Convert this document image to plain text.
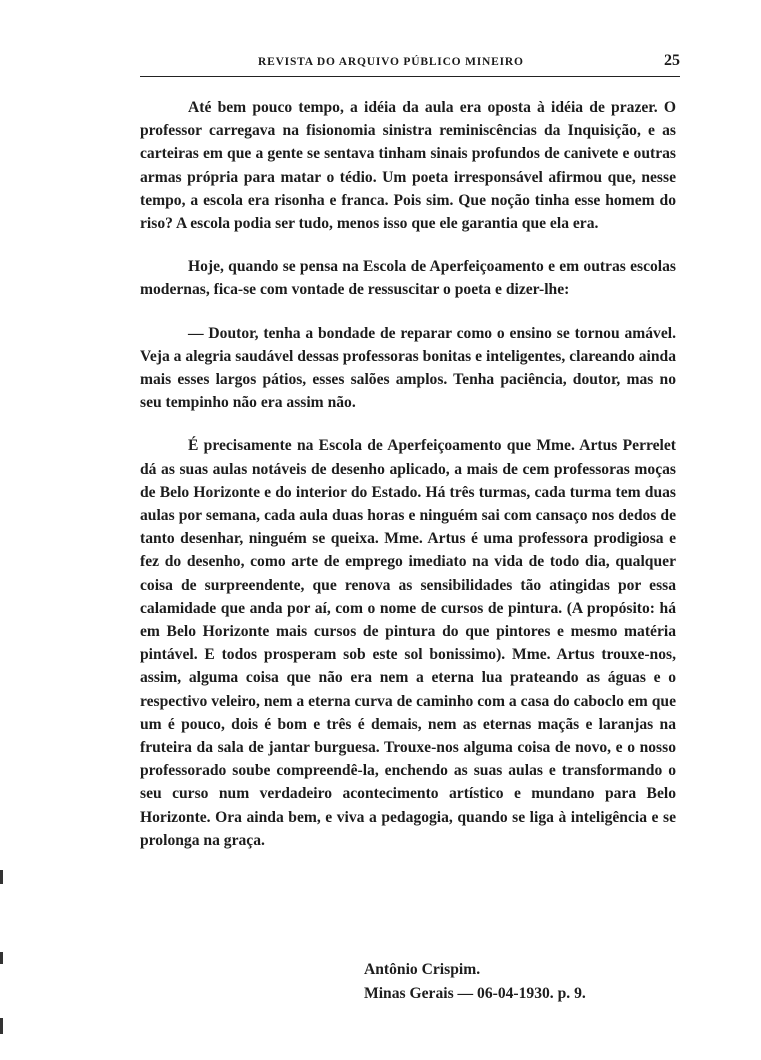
REVISTA DO ARQUIVO PÚBLICO MINEIRO	25

Até bem pouco tempo, a idéia da aula era oposta à idéia de prazer. O professor carregava na fisionomia sinistra reminiscências da Inquisição, e as carteiras em que a gente se sentava tinham sinais profundos de canivete e outras armas própria para matar o tédio. Um poeta irresponsável afirmou que, nesse tempo, a escola era risonha e franca. Pois sim. Que noção tinha esse homem do riso? A escola podia ser tudo, menos isso que ele garantia que ela era.

Hoje, quando se pensa na Escola de Aperfeiçoamento e em outras escolas modernas, fica-se com vontade de ressuscitar o poeta e dizer-lhe:

— Doutor, tenha a bondade de reparar como o ensino se tornou amável. Veja a alegria saudável dessas professoras bonitas e inteligentes, clareando ainda mais esses largos pátios, esses salões amplos. Tenha paciência, doutor, mas no seu tempinho não era assim não.

É precisamente na Escola de Aperfeiçoamento que Mme. Artus Perrelet dá as suas aulas notáveis de desenho aplicado, a mais de cem professoras moças de Belo Horizonte e do interior do Estado. Há três turmas, cada turma tem duas aulas por semana, cada aula duas horas e ninguém sai com cansaço nos dedos de tanto desenhar, ninguém se queixa. Mme. Artus é uma professora prodigiosa e fez do desenho, como arte de emprego imediato na vida de todo dia, qualquer coisa de surpreendente, que renova as sensibilidades tão atingidas por essa calamidade que anda por aí, com o nome de cursos de pintura. (A propósito: há em Belo Horizonte mais cursos de pintura do que pintores e mesmo matéria pintável. E todos prosperam sob este sol bonissimo). Mme. Artus trouxe-nos, assim, alguma coisa que não era nem a eterna lua prateando as águas e o respectivo veleiro, nem a eterna curva de caminho com a casa do caboclo em que um é pouco, dois é bom e três é demais, nem as eternas maçãs e laranjas na fruteira da sala de jantar burguesa. Trouxe-nos alguma coisa de novo, e o nosso professorado soube compreendê-la, enchendo as suas aulas e transformando o seu curso num verdadeiro acontecimento artístico e mundano para Belo Horizonte. Ora ainda bem, e viva a pedagogia, quando se liga à inteligência e se prolonga na graça.

Antônio Crispim.
Minas Gerais — 06-04-1930. p. 9.
